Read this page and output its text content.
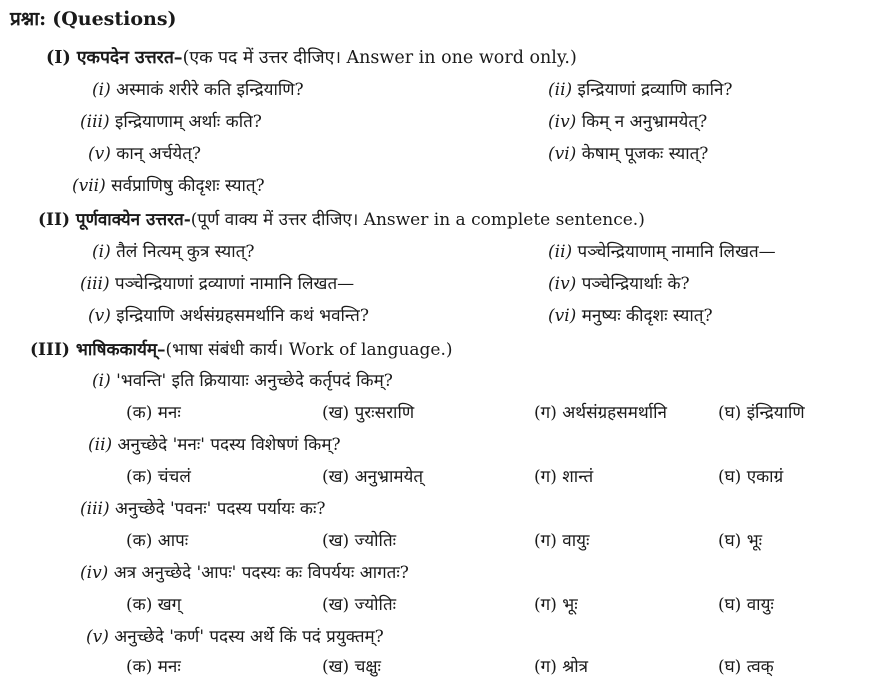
प्रश्ना: (Questions)
(I) एकपदेन उत्तरत–(एक पद में उत्तर दीजिए। Answer in one word only.)
(i) अस्माकं शरीरे कति इन्द्रियाणि?	(ii) इन्द्रियाणां द्रव्याणि कानि?
(iii) इन्द्रियाणाम् अर्थाः कति?	(iv) किम् न अनुभ्रामयेत्?
(v) कान् अर्चयेत्?	(vi) केषाम् पूजकः स्यात्?
(vii) सर्वप्राणिषु कीदृशः स्यात्?
(II) पूर्णवाक्येन उत्तरत-(पूर्ण वाक्य में उत्तर दीजिए। Answer in a complete sentence.)
(i) तैलं नित्यम् कुत्र स्यात्?	(ii) पञ्चेन्द्रियाणाम् नामानि लिखत—
(iii) पञ्चेन्द्रियाणां द्रव्याणां नामानि लिखत—	(iv) पञ्चेन्द्रियार्थाः के?
(v) इन्द्रियाणि अर्थसंग्रहसमर्थानि कथं भवन्ति?	(vi) मनुष्यः कीदृशः स्यात्?
(III) भाषिककार्यम्–(भाषा संबंधी कार्य। Work of language.)
(i) 'भवन्ति' इति क्रियायाः अनुच्छेदे कर्तृपदं किम्?
(क) मनः	(ख) पुरःसराणि	(ग) अर्थसंग्रहसमर्थानि	(घ) इंन्द्रियाणि
(ii) अनुच्छेदे 'मनः' पदस्य विशेषणं किम्?
(क) चंचलं	(ख) अनुभ्रामयेत्	(ग) शान्तं	(घ) एकाग्रं
(iii) अनुच्छेदे 'पवनः' पदस्य पर्यायः कः?
(क) आपः	(ख) ज्योतिः	(ग) वायुः	(घ) भूः
(iv) अत्र अनुच्छेदे 'आपः' पदस्यः कः विपर्ययः आगतः?
(क) खग्	(ख) ज्योतिः	(ग) भूः	(घ) वायुः
(v) अनुच्छेदे 'कर्ण' पदस्य अर्थे किं पदं प्रयुक्तम्?
(क) मनः	(ख) चक्षुः	(ग) श्रोत्र	(घ) त्वक्
